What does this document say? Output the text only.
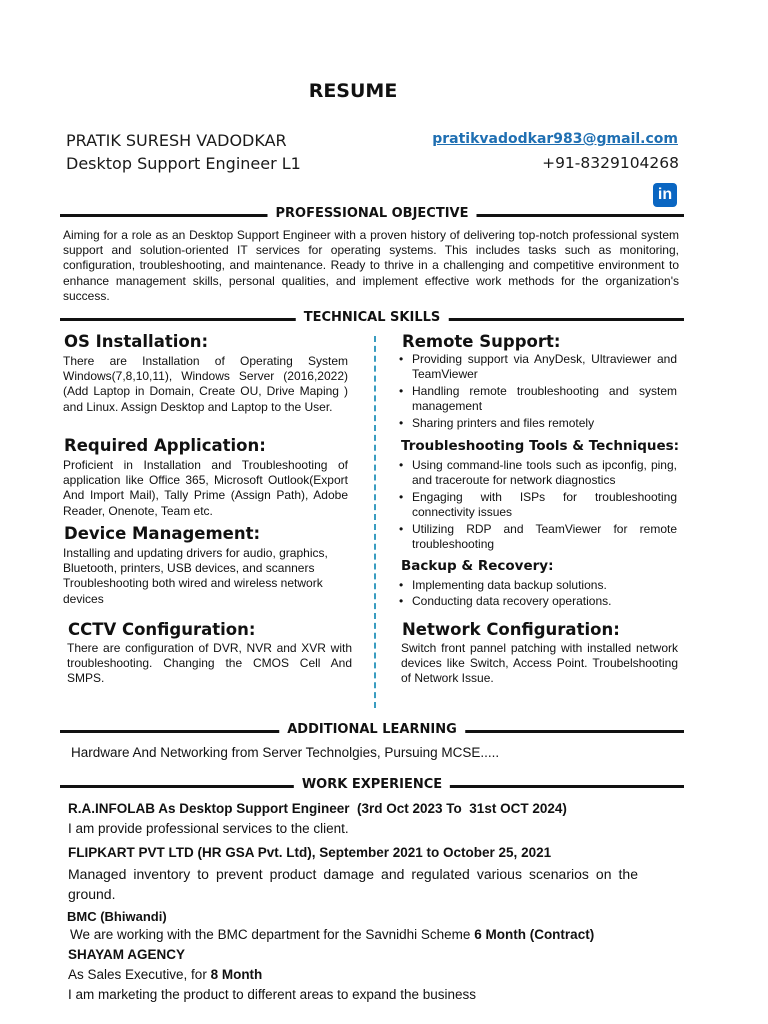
RESUME
PRATIK SURESH VADODKAR
Desktop Support Engineer L1
pratikvadodkar983@gmail.com
+91-8329104268
in
PROFESSIONAL OBJECTIVE
Aiming for a role as an Desktop Support Engineer with a proven history of delivering top-notch professional system support and solution-oriented IT services for operating systems. This includes tasks such as monitoring, configuration, troubleshooting, and maintenance. Ready to thrive in a challenging and competitive environment to enhance management skills, personal qualities, and implement effective work methods for the organization's success.
TECHNICAL SKILLS
OS Installation:
There are Installation of Operating System Windows(7,8,10,11), Windows Server (2016,2022) (Add Laptop in Domain, Create OU, Drive Maping ) and Linux. Assign Desktop and Laptop to the User.
Required Application:
Proficient in Installation and Troubleshooting of application like Office 365, Microsoft Outlook(Export And Import Mail), Tally Prime (Assign Path), Adobe Reader, Onenote, Team etc.
Device Management:
Installing and updating drivers for audio, graphics, Bluetooth, printers, USB devices, and scanners Troubleshooting both wired and wireless network devices
CCTV Configuration:
There are configuration of DVR, NVR and XVR with troubleshooting. Changing the CMOS Cell And SMPS.
Remote Support:
• Providing support via AnyDesk, Ultraviewer and TeamViewer
• Handling remote troubleshooting and system management
• Sharing printers and files remotely
Troubleshooting Tools & Techniques:
• Using command-line tools such as ipconfig, ping, and traceroute for network diagnostics
• Engaging with ISPs for troubleshooting connectivity issues
• Utilizing RDP and TeamViewer for remote troubleshooting
Backup & Recovery:
• Implementing data backup solutions.
• Conducting data recovery operations.
Network Configuration:
Switch front pannel patching with installed network devices like Switch, Access Point. Troubelshooting of Network Issue.
ADDITIONAL LEARNING
Hardware And Networking from Server Technolgies, Pursuing MCSE.....
WORK EXPERIENCE
R.A.INFOLAB As Desktop Support Engineer  (3rd Oct 2023 To  31st OCT 2024)
I am provide professional services to the client.
FLIPKART PVT LTD (HR GSA Pvt. Ltd), September 2021 to October 25, 2021
Managed inventory to prevent product damage and regulated various scenarios on the ground.
BMC (Bhiwandi)
We are working with the BMC department for the Savnidhi Scheme 6 Month (Contract)
SHAYAM AGENCY
As Sales Executive, for 8 Month
I am marketing the product to different areas to expand the business
